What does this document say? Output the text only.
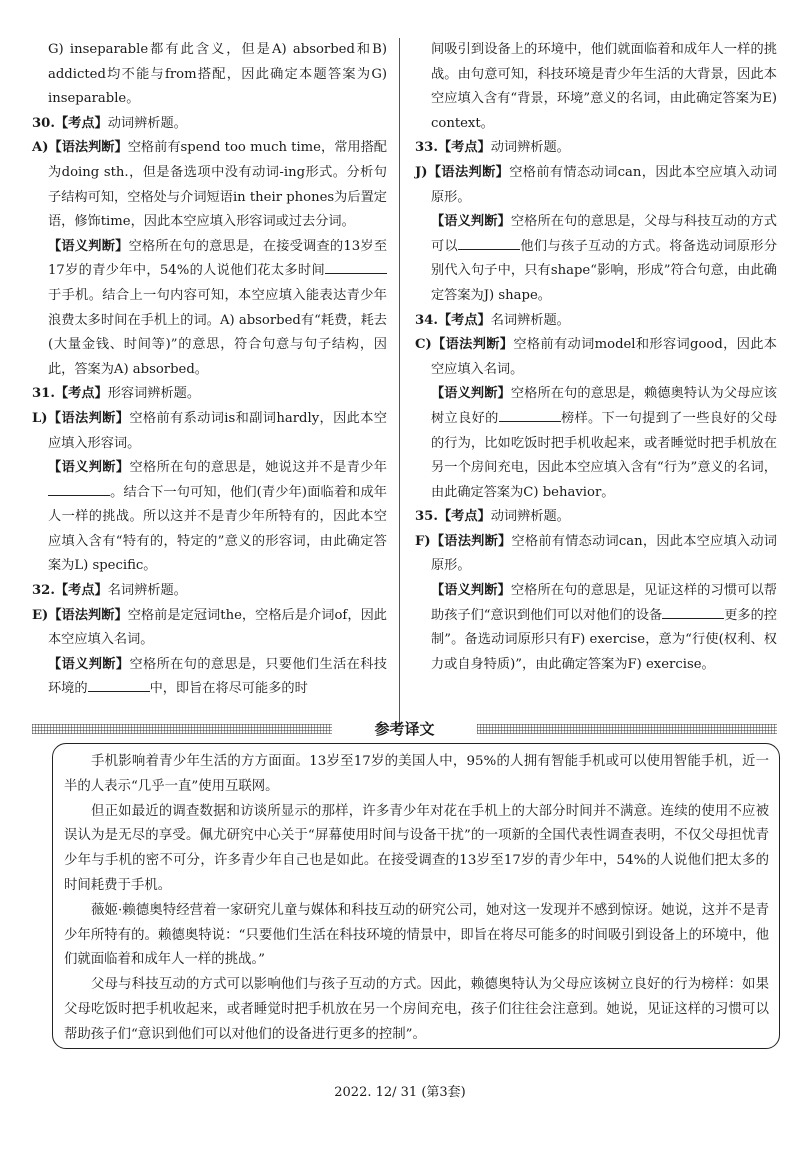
G) inseparable都有此含义，但是A) absorbed和B) addicted均不能与from搭配，因此确定本题答案为G) inseparable。

30.【考点】动词辨析题。

A)【语法判断】空格前有spend too much time，常用搭配为doing sth.，但是备选项中没有动词-ing形式。分析句子结构可知，空格处与介词短语in their phones为后置定语，修饰time，因此本空应填入形容词或过去分词。

【语义判断】空格所在句的意思是，在接受调查的13岁至17岁的青少年中，54%的人说他们花太多时间于手机。结合上一句内容可知，本空应填入能表达青少年浪费太多时间在手机上的词。A) absorbed有“耗费，耗去(大量金钱、时间等)”的意思，符合句意与句子结构，因此，答案为A) absorbed。

31.【考点】形容词辨析题。

L)【语法判断】空格前有系动词is和副词hardly，因此本空应填入形容词。

【语义判断】空格所在句的意思是，她说这并不是青少年。结合下一句可知，他们(青少年)面临着和成年人一样的挑战。所以这并不是青少年所特有的，因此本空应填入含有“特有的，特定的”意义的形容词，由此确定答案为L) specific。

32.【考点】名词辨析题。

E)【语法判断】空格前是定冠词the，空格后是介词of，因此本空应填入名词。

【语义判断】空格所在句的意思是，只要他们生活在科技环境的	中，即旨在将尽可能多的时

间吸引到设备上的环境中，他们就面临着和成年人一样的挑战。由句意可知，科技环境是青少年生活的大背景，因此本空应填入含有“背景，环境”意义的名词，由此确定答案为E) context。

33.【考点】动词辨析题。

J)【语法判断】空格前有情态动词can，因此本空应填入动词原形。

【语义判断】空格所在句的意思是，父母与科技互动的方式可以	他们与孩子互动的方式。将备选动词原形分别代入句子中，只有shape“影响，形成”符合句意，由此确定答案为J) shape。

34.【考点】名词辨析题。

C)【语法判断】空格前有动词model和形容词good，因此本空应填入名词。

【语义判断】空格所在句的意思是，赖德奥特认为父母应该树立良好的	榜样。下一句提到了一些良好的父母的行为，比如吃饭时把手机收起来，或者睡觉时把手机放在另一个房间充电，因此本空应填入含有“行为”意义的名词，由此确定答案为C) behavior。

35.【考点】动词辨析题。

F)【语法判断】空格前有情态动词can，因此本空应填入动词原形。

【语义判断】空格所在句的意思是，见证这样的习惯可以帮助孩子们“意识到他们可以对他们的设备	更多的控制”。备选动词原形只有F) exercise，意为“行使(权利、权力或自身特质)”，由此确定答案为F) exercise。

参考译文

手机影响着青少年生活的方方面面。13岁至17岁的美国人中，95%的人拥有智能手机或可以使用智能手机，近一半的人表示“几乎一直”使用互联网。

但正如最近的调查数据和访谈所显示的那样，许多青少年对花在手机上的大部分时间并不满意。连续的使用不应被误认为是无尽的享受。佩尤研究中心关于“屏幕使用时间与设备干扰”的一项新的全国代表性调查表明，不仅父母担忧青少年与手机的密不可分，许多青少年自己也是如此。在接受调查的13岁至17岁的青少年中，54%的人说他们把太多的时间耗费于手机。

薇姬·赖德奥特经营着一家研究儿童与媒体和科技互动的研究公司，她对这一发现并不感到惊讶。她说，这并不是青少年所特有的。赖德奥特说：“只要他们生活在科技环境的情景中，即旨在将尽可能多的时间吸引到设备上的环境中，他们就面临着和成年人一样的挑战。”

父母与科技互动的方式可以影响他们与孩子互动的方式。因此，赖德奥特认为父母应该树立良好的行为榜样：如果父母吃饭时把手机收起来，或者睡觉时把手机放在另一个房间充电，孩子们往往会注意到。她说，见证这样的习惯可以帮助孩子们“意识到他们可以对他们的设备进行更多的控制”。

2022. 12/ 31 (第3套)
